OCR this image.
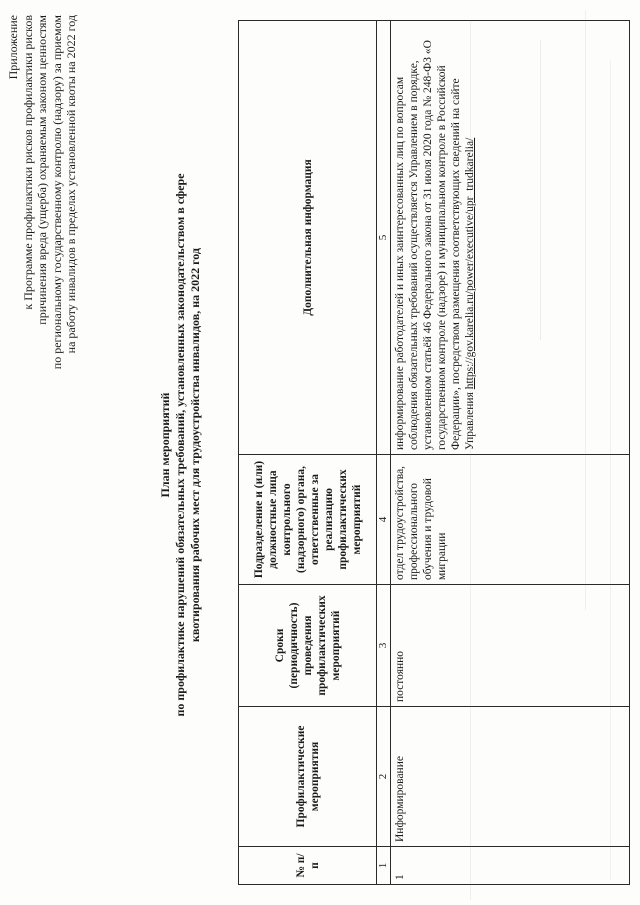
Приложение к Программе профилактики рисков профилактики рисков причинения вреда (ущерба) охраняемым законом ценностям по региональному государственному контролю (надзору) за приемом на работу инвалидов в пределах установленной квоты на 2022 год
План мероприятий по профилактике нарушений обязательных требований, установленных законодательством в сфере квотирования рабочих мест для трудоустройства инвалидов, на 2022 год
№ п/п	Профилактические мероприятия	Сроки (периодичность) проведения профилактических мероприятий	Подразделение и (или) должностные лица контрольного (надзорного) органа, ответственные за реализацию профилактических мероприятий	Дополнительная информация
1	2	3	4	5
1	Информирование	постоянно	отдел трудоустройства, профессионального обучения и трудовой миграции	информирование работодателей и иных заинтересованных лиц по вопросам соблюдения обязательных требований осуществляется Управлением в порядке, установленном статьёй 46 Федерального закона от 31 июля 2020 года № 248-ФЗ «О государственном контроле (надзоре) и муниципальном контроле в Российской Федерации», посредством размещения соответствующих сведений на сайте Управления https://gov.karelia.ru/power/executive/upr_trudkarelia/
